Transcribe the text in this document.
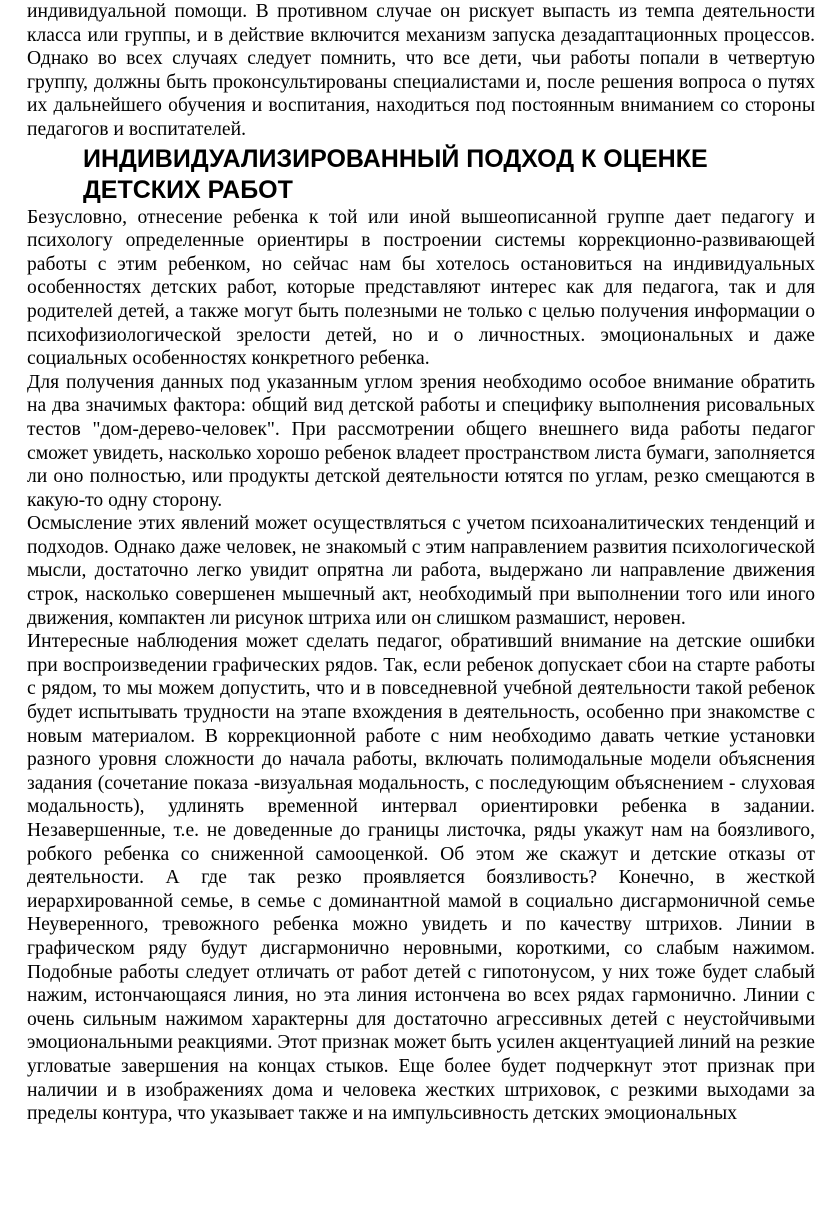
индивидуальной помощи. В противном случае он рискует выпасть из темпа деятельности класса или группы, и в действие включится механизм запуска дезадаптационных процессов. Однако во всех случаях следует помнить, что все дети, чьи работы попали в четвертую группу, должны быть проконсультированы специалистами и, после решения вопроса о путях их дальнейшего обучения и воспитания, находиться под постоянным вниманием со стороны педагогов и воспитателей.

ИНДИВИДУАЛИЗИРОВАННЫЙ ПОДХОД К ОЦЕНКЕ ДЕТСКИХ РАБОТ

Безусловно, отнесение ребенка к той или иной вышеописанной группе дает педагогу и психологу определенные ориентиры в построении системы коррекционно-развивающей работы с этим ребенком, но сейчас нам бы хотелось остановиться на индивидуальных особенностях детских работ, которые представляют интерес как для педагога, так и для родителей детей, а также могут быть полезными не только с целью получения информации о психофизиологической зрелости детей, но и о личностных. эмоциональных и даже социальных особенностях конкретного ребенка.

Для получения данных под указанным углом зрения необходимо особое внимание обратить на два значимых фактора: общий вид детской работы и специфику выполнения рисовальных тестов "дом-дерево-человек". При рассмотрении общего внешнего вида работы педагог сможет увидеть, насколько хорошо ребенок владеет пространством листа бумаги, заполняется ли оно полностью, или продукты детской деятельности ютятся по углам, резко смещаются в какую-то одну сторону.

Осмысление этих явлений может осуществляться с учетом психоаналитических тенденций и подходов. Однако даже человек, не знакомый с этим направлением развития психологической мысли, достаточно легко увидит опрятна ли работа, выдержано ли направление движения строк, насколько совершенен мышечный акт, необходимый при выполнении того или иного движения, компактен ли рисунок штриха или он слишком размашист, неровен.

Интересные наблюдения может сделать педагог, обративший внимание на детские ошибки при воспроизведении графических рядов. Так, если ребенок допускает сбои на старте работы с рядом, то мы можем допустить, что и в повседневной учебной деятельности такой ребенок будет испытывать трудности на этапе вхождения в деятельность, особенно при знакомстве с новым материалом. В коррекционной работе с ним необходимо давать четкие установки разного уровня сложности до начала работы, включать полимодальные модели объяснения задания (сочетание показа -визуальная модальность, с последующим объяснением - слуховая модальность), удлинять временной интервал ориентировки ребенка в задании. Незавершенные, т.е. не доведенные до границы листочка, ряды укажут нам на боязливого, робкого ребенка со сниженной самооценкой. Об этом же скажут и детские отказы от деятельности. А где так резко проявляется боязливость? Конечно, в жесткой иерархированной семье, в семье с доминантной мамой в социально дисгармоничной семье Неуверенного, тревожного ребенка можно увидеть и по качеству штрихов. Линии в графическом ряду будут дисгармонично неровными, короткими, со слабым нажимом. Подобные работы следует отличать от работ детей с гипотонусом, у них тоже будет слабый нажим, истончающаяся линия, но эта линия истончена во всех рядах гармонично. Линии с очень сильным нажимом характерны для достаточно агрессивных детей с неустойчивыми эмоциональными реакциями. Этот признак может быть усилен акцентуацией линий на резкие угловатые завершения на концах стыков. Еще более будет подчеркнут этот признак при наличии и в изображениях дома и человека жестких штриховок, с резкими выходами за пределы контура, что указывает также и на импульсивность детских эмоциональных
